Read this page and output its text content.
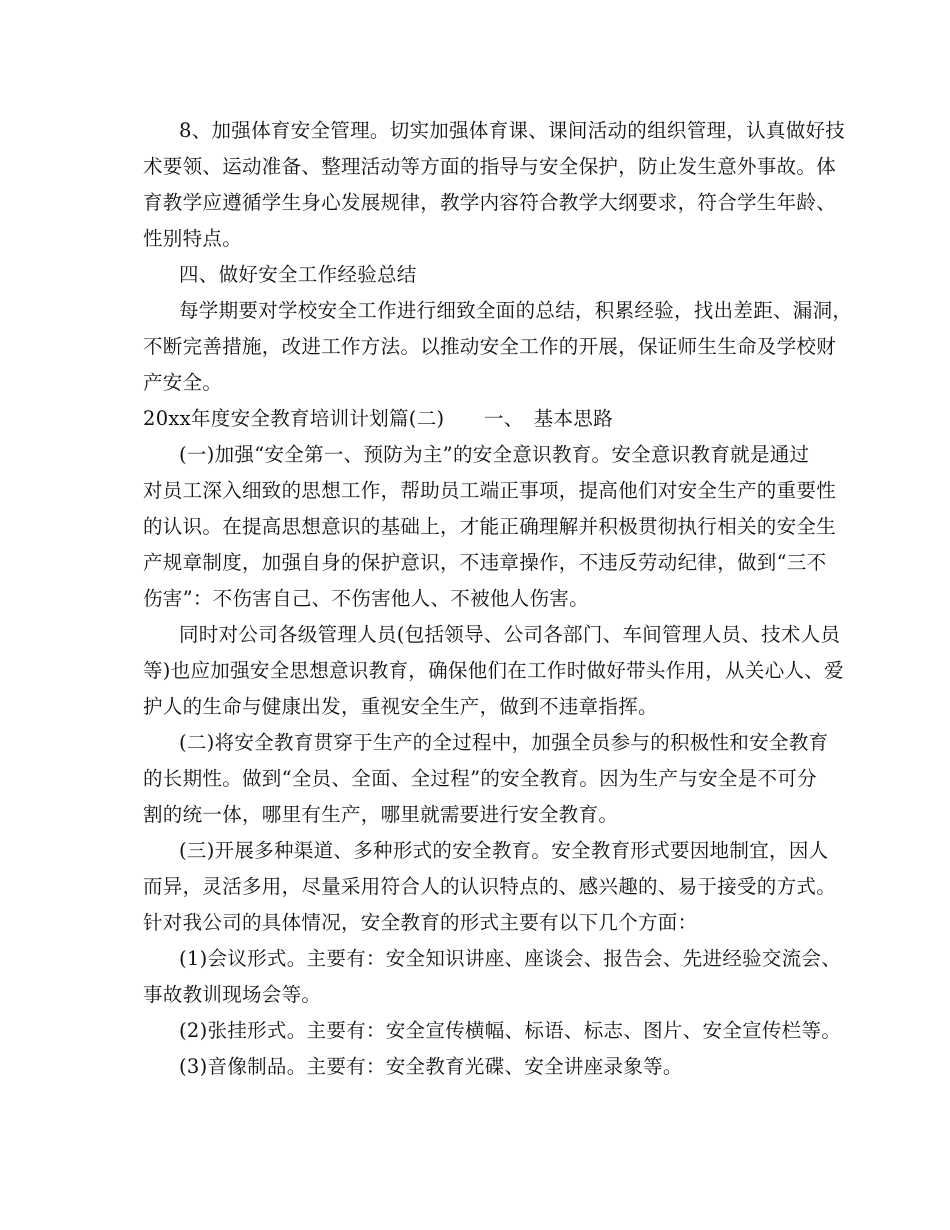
8、加强体育安全管理。切实加强体育课、课间活动的组织管理，认真做好技
术要领、运动准备、整理活动等方面的指导与安全保护，防止发生意外事故。体
育教学应遵循学生身心发展规律，教学内容符合教学大纲要求，符合学生年龄、
性别特点。
四、做好安全工作经验总结
每学期要对学校安全工作进行细致全面的总结，积累经验，找出差距、漏洞，
不断完善措施，改进工作方法。以推动安全工作的开展，保证师生生命及学校财
产安全。
20xx年度安全教育培训计划篇(二)　　一、　基本思路
(一)加强“安全第一、预防为主”的安全意识教育。安全意识教育就是通过
对员工深入细致的思想工作，帮助员工端正事项，提高他们对安全生产的重要性
的认识。在提高思想意识的基础上，才能正确理解并积极贯彻执行相关的安全生
产规章制度，加强自身的保护意识，不违章操作，不违反劳动纪律，做到“三不
伤害”：不伤害自己、不伤害他人、不被他人伤害。
同时对公司各级管理人员(包括领导、公司各部门、车间管理人员、技术人员
等)也应加强安全思想意识教育，确保他们在工作时做好带头作用，从关心人、爱
护人的生命与健康出发，重视安全生产，做到不违章指挥。
(二)将安全教育贯穿于生产的全过程中，加强全员参与的积极性和安全教育
的长期性。做到“全员、全面、全过程”的安全教育。因为生产与安全是不可分
割的统一体，哪里有生产，哪里就需要进行安全教育。
(三)开展多种渠道、多种形式的安全教育。安全教育形式要因地制宜，因人
而异，灵活多用，尽量采用符合人的认识特点的、感兴趣的、易于接受的方式。
针对我公司的具体情况，安全教育的形式主要有以下几个方面：
(1)会议形式。主要有：安全知识讲座、座谈会、报告会、先进经验交流会、
事故教训现场会等。
(2)张挂形式。主要有：安全宣传横幅、标语、标志、图片、安全宣传栏等。
(3)音像制品。主要有：安全教育光碟、安全讲座录象等。
